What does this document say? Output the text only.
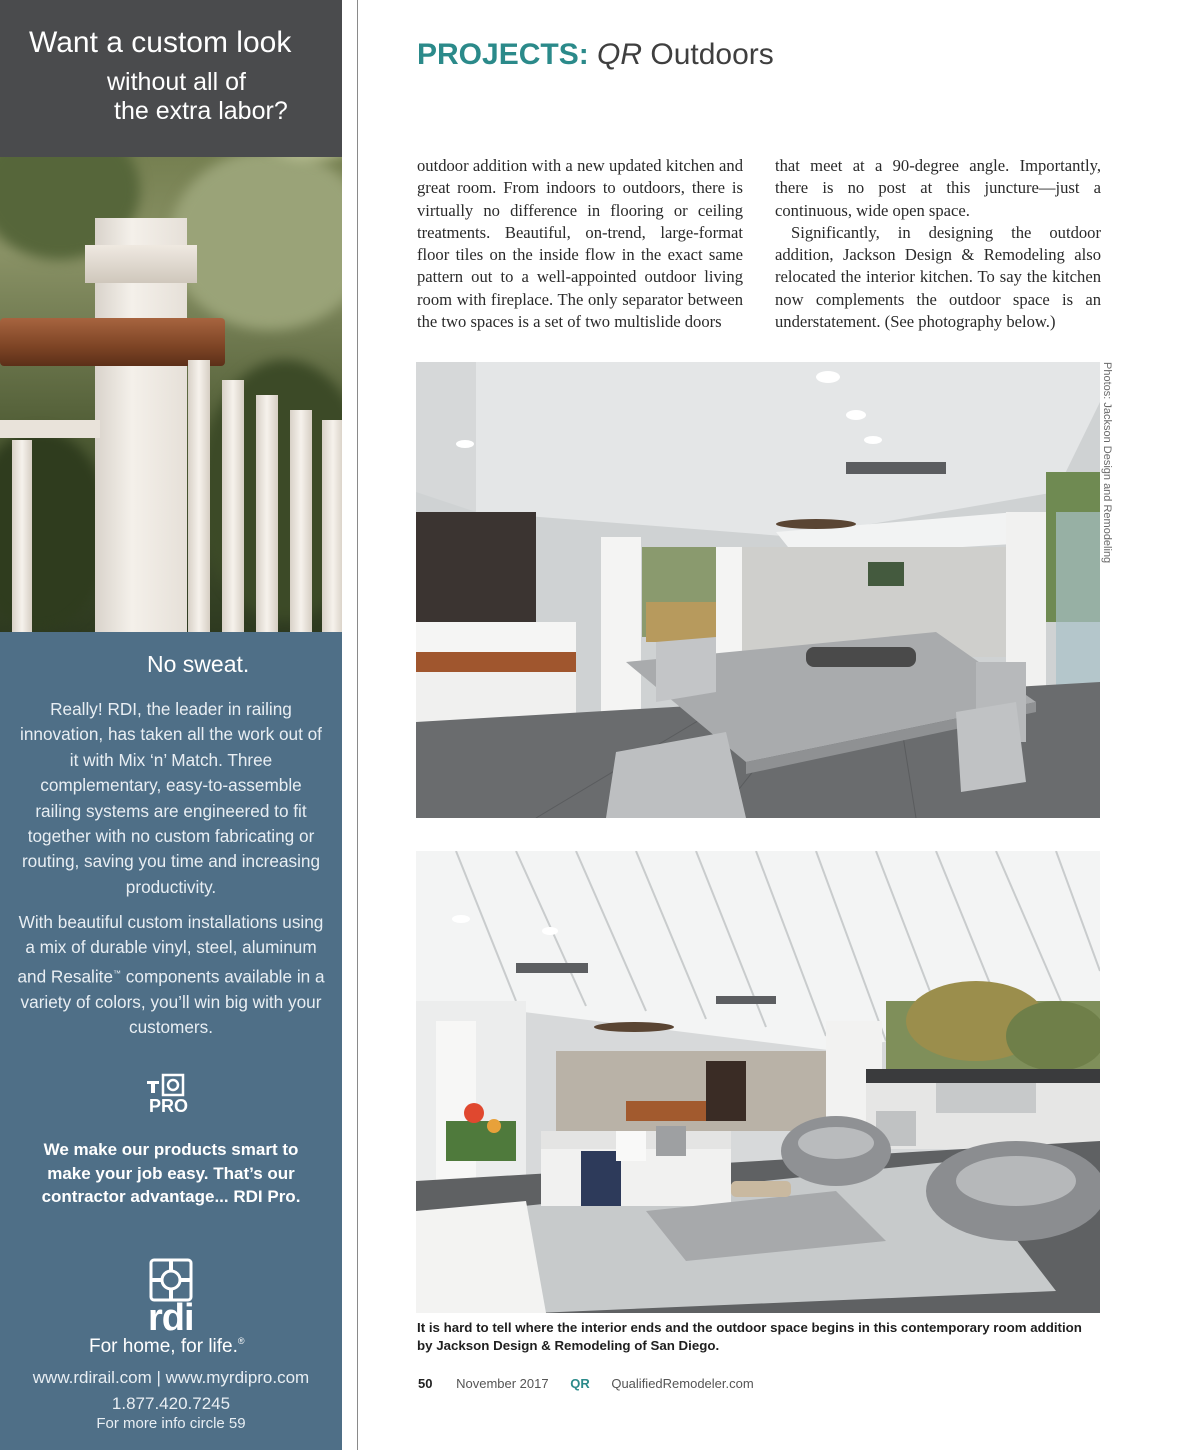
Want a custom look
without all of
the extra labor?
No sweat.
Really! RDI, the leader in railing innovation, has taken all the work out of it with Mix ‘n’ Match. Three complementary, easy-to-assemble railing systems are engineered to fit together with no custom fabricating or routing, saving you time and increasing productivity.
With beautiful custom installations using a mix of durable vinyl, steel, aluminum and Resalite™ components available in a variety of colors, you’ll win big with your customers.
PRO
We make our products smart to make your job easy. That’s our contractor advantage... RDI Pro.
rdi
For home, for life.®
www.rdirail.com | www.myrdipro.com
1.877.420.7245
For more info circle 59
PROJECTS: QR Outdoors

outdoor addition with a new updated kitchen and great room. From indoors to outdoors, there is virtually no difference in flooring or ceiling treatments. Beautiful, on-trend, large-format floor tiles on the inside flow in the exact same pattern out to a well-appointed outdoor living room with fireplace. The only separator between the two spaces is a set of two multislide doors

that meet at a 90-degree angle. Importantly, there is no post at this juncture—just a continuous, wide open space.

Significantly, in designing the outdoor addition, Jackson Design & Remodeling also relocated the interior kitchen. To say the kitchen now complements the outdoor space is an understatement. (See photography below.)

Photos: Jackson Design and Remodeling
It is hard to tell where the interior ends and the outdoor space begins in this contemporary room addition by Jackson Design & Remodeling of San Diego.
50 November 2017 QR QualifiedRemodeler.com
